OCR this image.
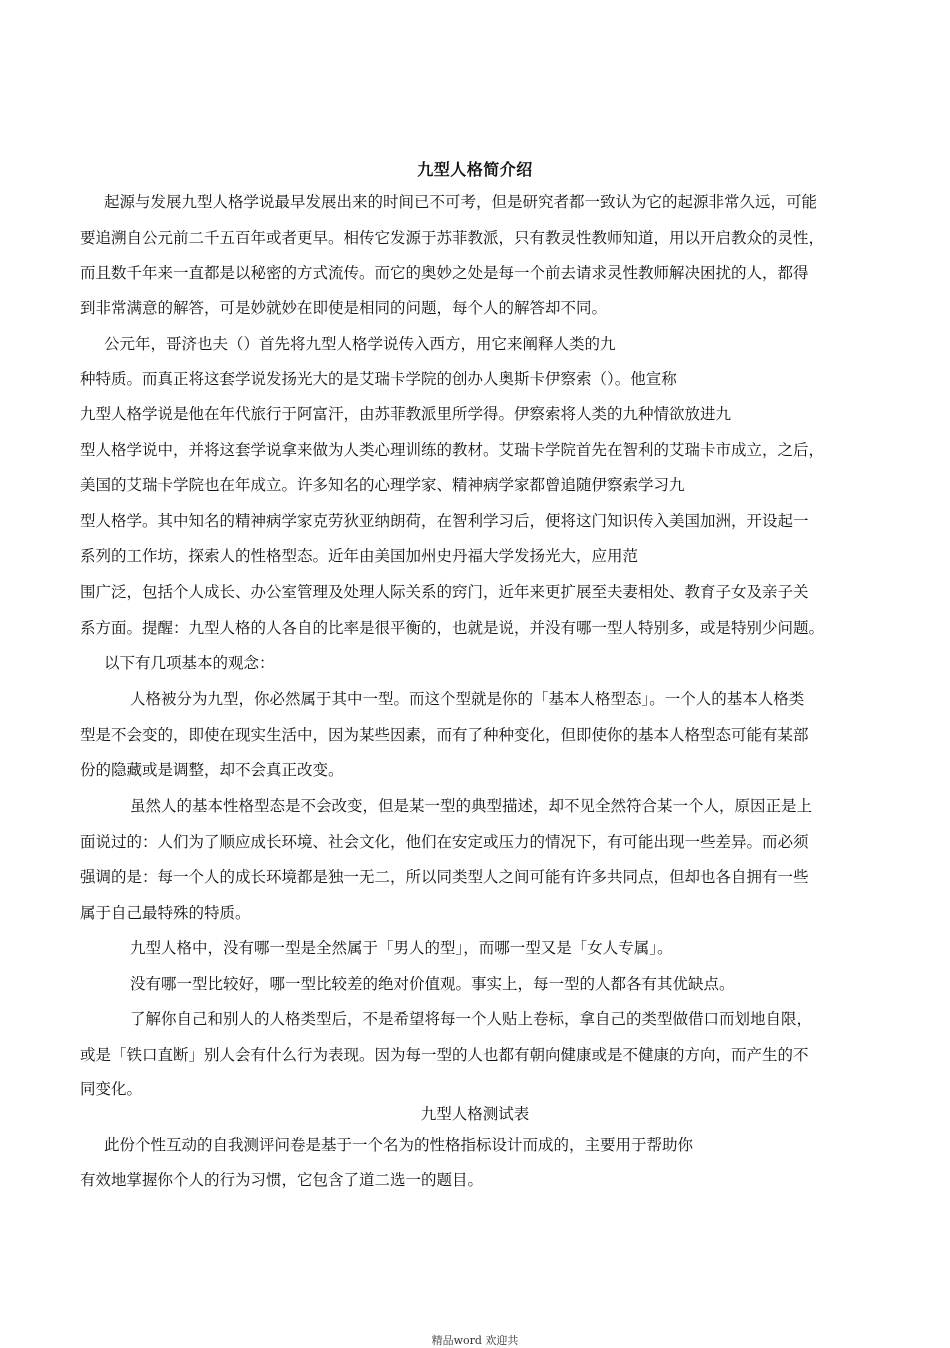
九型人格简介绍
起源与发展九型人格学说最早发展出来的时间已不可考，但是研究者都一致认为它的起源非常久远，可能
要追溯自公元前二千五百年或者更早。相传它发源于苏菲教派，只有教灵性教师知道，用以开启教众的灵性，
而且数千年来一直都是以秘密的方式流传。而它的奥妙之处是每一个前去请求灵性教师解决困扰的人，都得
到非常满意的解答，可是妙就妙在即使是相同的问题，每个人的解答却不同。
公元年，哥济也夫（）首先将九型人格学说传入西方，用它来阐释人类的九
种特质。而真正将这套学说发扬光大的是艾瑞卡学院的创办人奥斯卡伊察索（）。他宣称
九型人格学说是他在年代旅行于阿富汗，由苏菲教派里所学得。伊察索将人类的九种情欲放进九
型人格学说中，并将这套学说拿来做为人类心理训练的教材。艾瑞卡学院首先在智利的艾瑞卡市成立，之后，
美国的艾瑞卡学院也在年成立。许多知名的心理学家、精神病学家都曾追随伊察索学习九
型人格学。其中知名的精神病学家克劳狄亚纳朗荷，在智利学习后，便将这门知识传入美国加洲，开设起一
系列的工作坊，探索人的性格型态。近年由美国加州史丹福大学发扬光大，应用范
围广泛，包括个人成长、办公室管理及处理人际关系的窍门，近年来更扩展至夫妻相处、教育子女及亲子关
系方面。提醒：九型人格的人各自的比率是很平衡的，也就是说，并没有哪一型人特别多，或是特别少问题。
以下有几项基本的观念：
人格被分为九型，你必然属于其中一型。而这个型就是你的「基本人格型态」。一个人的基本人格类
型是不会变的，即使在现实生活中，因为某些因素，而有了种种变化，但即使你的基本人格型态可能有某部
份的隐藏或是调整，却不会真正改变。
虽然人的基本性格型态是不会改变，但是某一型的典型描述，却不见全然符合某一个人，原因正是上
面说过的：人们为了顺应成长环境、社会文化，他们在安定或压力的情况下，有可能出现一些差异。而必须
强调的是：每一个人的成长环境都是独一无二，所以同类型人之间可能有许多共同点，但却也各自拥有一些
属于自己最特殊的特质。
九型人格中，没有哪一型是全然属于「男人的型」，而哪一型又是「女人专属」。
没有哪一型比较好，哪一型比较差的绝对价值观。事实上，每一型的人都各有其优缺点。
了解你自己和别人的人格类型后，不是希望将每一个人贴上卷标，拿自己的类型做借口而划地自限，
或是「铁口直断」别人会有什么行为表现。因为每一型的人也都有朝向健康或是不健康的方向，而产生的不
同变化。
九型人格测试表
此份个性互动的自我测评问卷是基于一个名为的性格指标设计而成的，主要用于帮助你
有效地掌握你个人的行为习惯，它包含了道二选一的题目。
精品word 欢迎共
